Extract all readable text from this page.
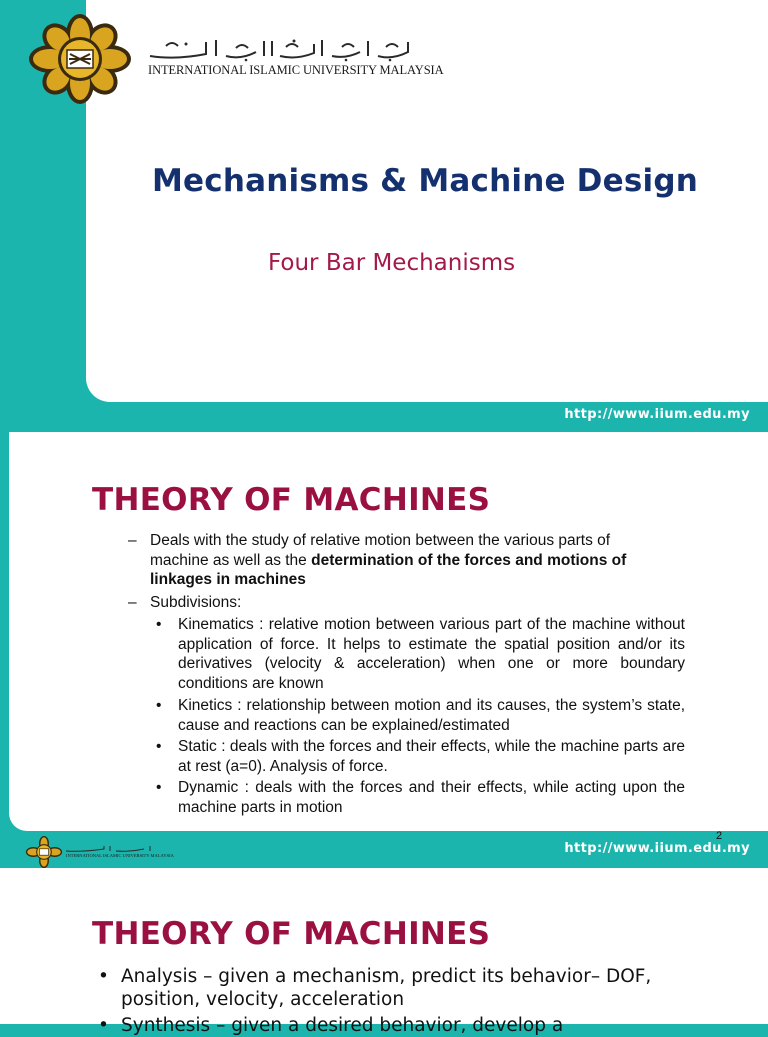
INTERNATIONAL ISLAMIC UNIVERSITY MALAYSIA
Mechanisms & Machine Design
Four Bar Mechanisms
http://www.iium.edu.my
THEORY OF MACHINES
– Deals with the study of relative motion between the various parts of machine as well as the determination of the forces and motions of linkages in machines
– Subdivisions:
• Kinematics : relative motion between various part of the machine without application of force. It helps to estimate the spatial position and/or its derivatives (velocity & acceleration) when one or more boundary conditions are known
• Kinetics : relationship between motion and its causes, the system’s state, cause and reactions can be explained/estimated
• Static : deals with the forces and their effects, while the machine parts are at rest (a=0). Analysis of force.
• Dynamic : deals with the forces and their effects, while acting upon the machine parts in motion
2
INTERNATIONAL ISLAMIC UNIVERSITY MALAYSIA	http://www.iium.edu.my
THEORY OF MACHINES
• Analysis – given a mechanism, predict its behavior– DOF, position, velocity, acceleration
• Synthesis – given a desired behavior, develop a
